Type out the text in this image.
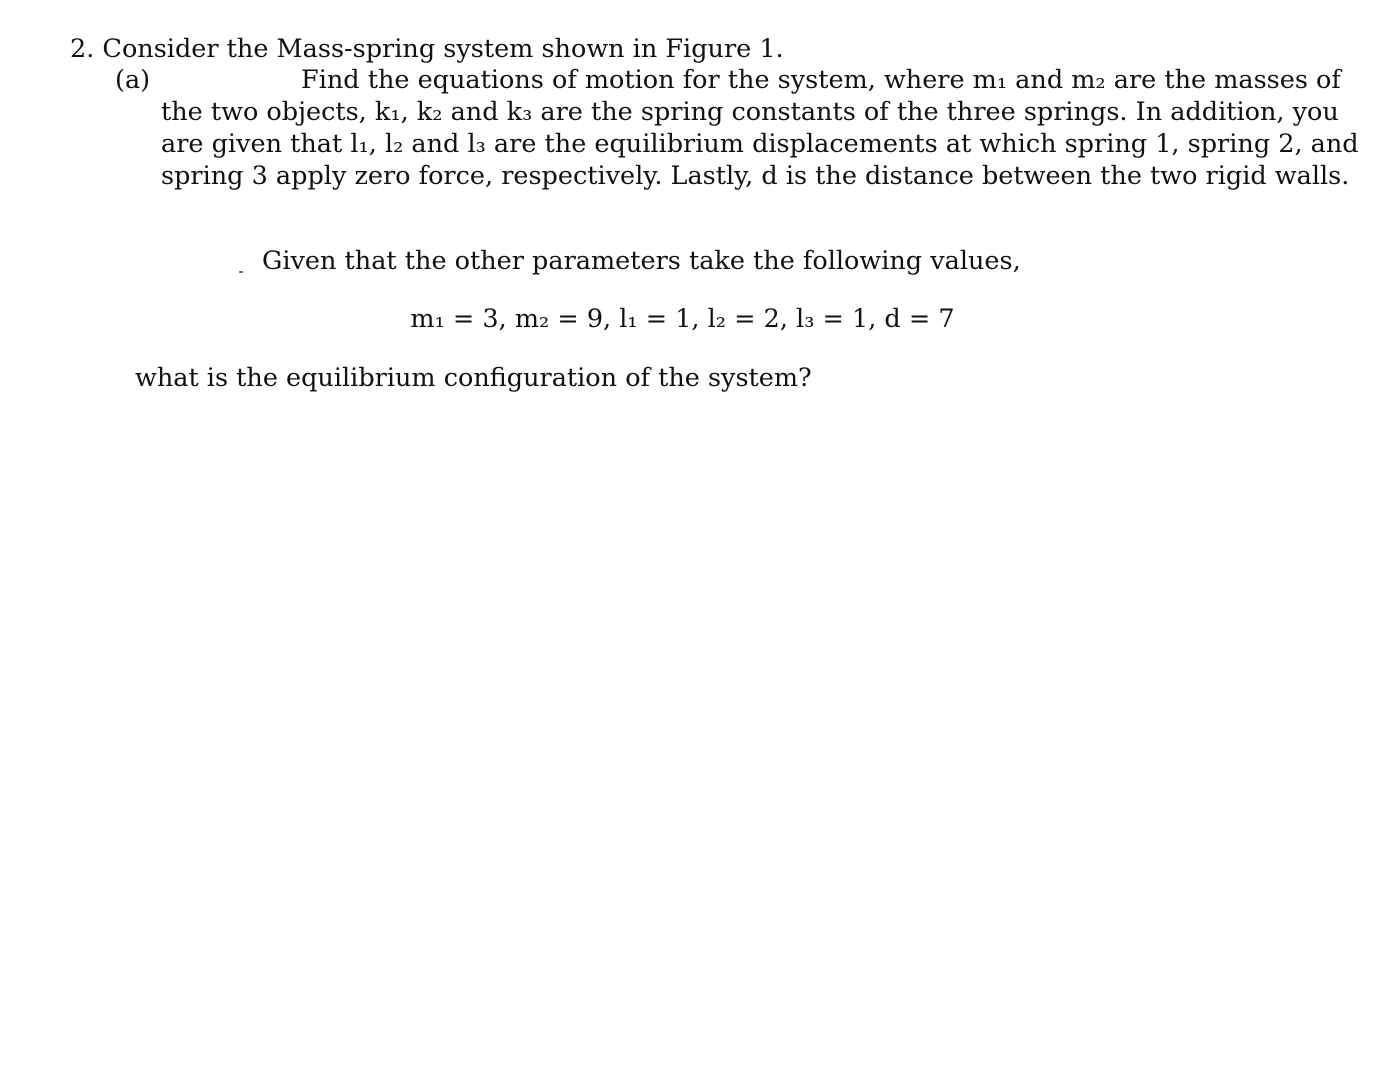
2. Consider the Mass-spring system shown in Figure 1.
(a)	Find the equations of motion for the system, where m₁ and m₂ are the masses of
the two objects, k₁, k₂ and k₃ are the spring constants of the three springs. In addition, you
are given that l₁, l₂ and l₃ are the equilibrium displacements at which spring 1, spring 2, and
spring 3 apply zero force, respectively. Lastly, d is the distance between the two rigid walls.
Given that the other parameters take the following values,
m₁ = 3, m₂ = 9, l₁ = 1, l₂ = 2, l₃ = 1, d = 7
what is the equilibrium configuration of the system?
